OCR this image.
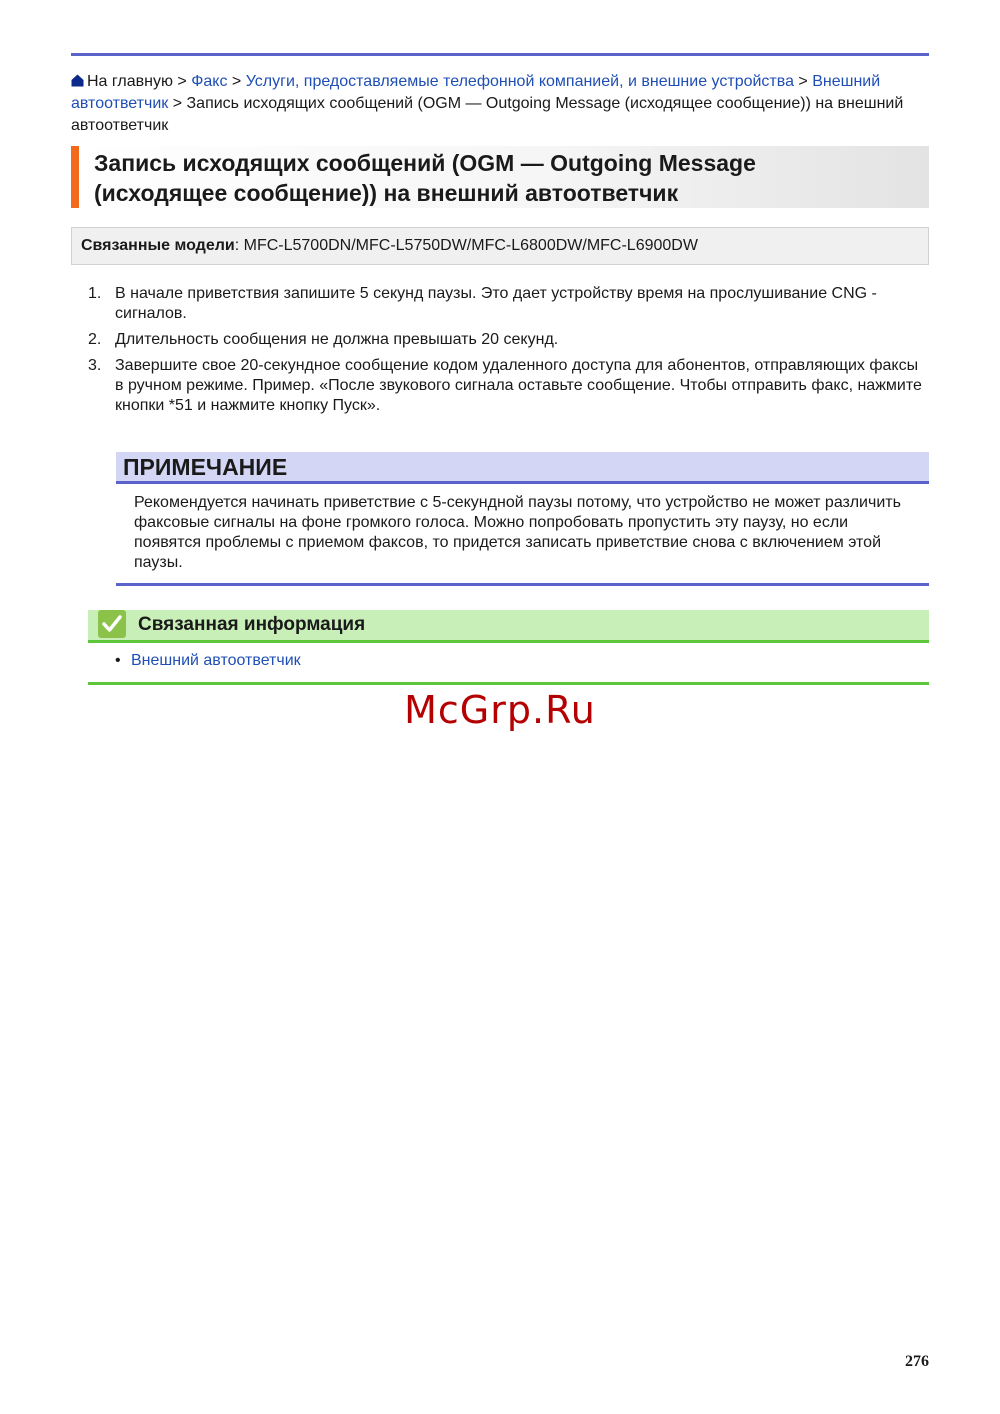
На главную > Факс > Услуги, предоставляемые телефонной компанией, и внешние устройства > Внешний автоответчик > Запись исходящих сообщений (OGM — Outgoing Message (исходящее сообщение)) на внешний автоответчик
Запись исходящих сообщений (OGM — Outgoing Message
(исходящее сообщение)) на внешний автоответчик
Связанные модели: MFC-L5700DN/MFC-L5750DW/MFC-L6800DW/MFC-L6900DW
1. В начале приветствия запишите 5 секунд паузы. Это дает устройству время на прослушивание CNG - сигналов.
2. Длительность сообщения не должна превышать 20 секунд.
3. Завершите свое 20-секундное сообщение кодом удаленного доступа для абонентов, отправляющих факсы в ручном режиме. Пример. «После звукового сигнала оставьте сообщение. Чтобы отправить факс, нажмите кнопки *51 и нажмите кнопку Пуск».
ПРИМЕЧАНИЕ
Рекомендуется начинать приветствие с 5-секундной паузы потому, что устройство не может различить факсовые сигналы на фоне громкого голоса. Можно попробовать пропустить эту паузу, но если появятся проблемы с приемом факсов, то придется записать приветствие снова с включением этой паузы.
Связанная информация
• Внешний автоответчик
McGrp.Ru
276
